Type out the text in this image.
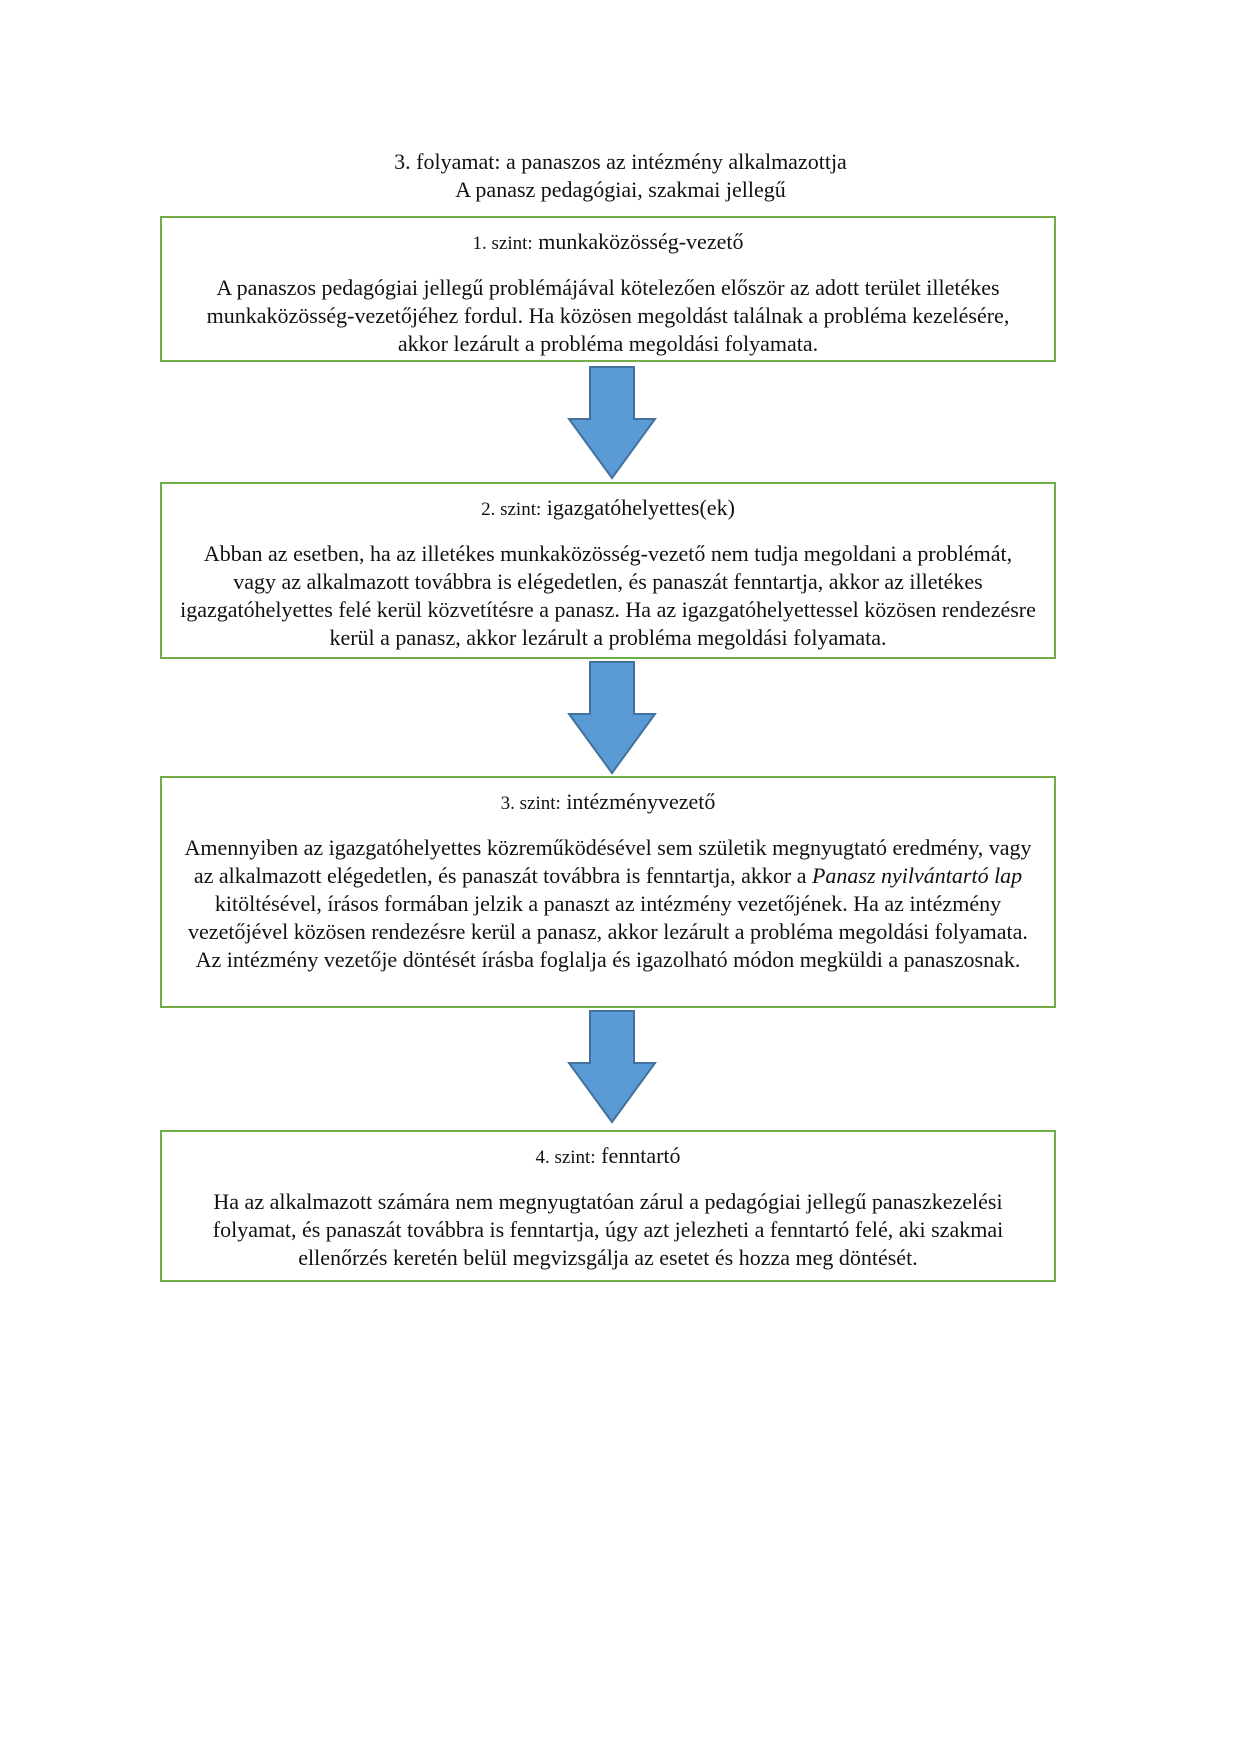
3. folyamat: a panaszos az intézmény alkalmazottja
A panasz pedagógiai, szakmai jellegű
1. szint: munkaközösség-vezető
A panaszos pedagógiai jellegű problémájával kötelezően először az adott terület illetékes munkaközösség-vezetőjéhez fordul. Ha közösen megoldást találnak a probléma kezelésére, akkor lezárult a probléma megoldási folyamata.
2. szint: igazgatóhelyettes(ek)
Abban az esetben, ha az illetékes munkaközösség-vezető nem tudja megoldani a problémát, vagy az alkalmazott továbbra is elégedetlen, és panaszát fenntartja, akkor az illetékes igazgatóhelyettes felé kerül közvetítésre a panasz. Ha az igazgatóhelyettessel közösen rendezésre kerül a panasz, akkor lezárult a probléma megoldási folyamata.
3. szint: intézményvezető
Amennyiben az igazgatóhelyettes közreműködésével sem születik megnyugtató eredmény, vagy az alkalmazott elégedetlen, és panaszát továbbra is fenntartja, akkor a Panasz nyilvántartó lap kitöltésével, írásos formában jelzik a panaszt az intézmény vezetőjének. Ha az intézmény vezetőjével közösen rendezésre kerül a panasz, akkor lezárult a probléma megoldási folyamata. Az intézmény vezetője döntését írásba foglalja és igazolható módon megküldi a panaszosnak.
4. szint: fenntartó
Ha az alkalmazott számára nem megnyugtatóan zárul a pedagógiai jellegű panaszkezelési folyamat, és panaszát továbbra is fenntartja, úgy azt jelezheti a fenntartó felé, aki szakmai ellenőrzés keretén belül megvizsgálja az esetet és hozza meg döntését.
